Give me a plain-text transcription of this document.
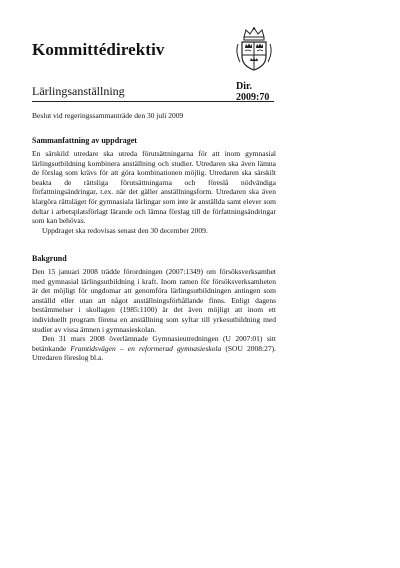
Kommittédirektiv
Dir.
2009:70
Lärlingsanställning
Beslut vid regeringssammanträde den 30 juli 2009
Sammanfattning av uppdraget

En särskild utredare ska utreda förutsättningarna för att inom gymnasial lärlingsutbildning kombinera anställning och studier. Utredaren ska även lämna de förslag som krävs för att göra kombinationen möjlig. Utredaren ska särskilt beakta de rättsliga förutsättningarna och föreslå nödvändiga författningsändringar, t.ex. när det gäller anställningsform. Utredaren ska även klargöra rättsläget för gymnasiala lärlingar som inte är anställda samt elever som deltar i arbetsplatsförlagt lärande och lämna förslag till de författningsändringar som kan behövas.

Uppdraget ska redovisas senast den 30 december 2009.

Bakgrund

Den 15 januari 2008 trädde förordningen (2007:1349) om försöksverksamhet med gymnasial lärlingsutbildning i kraft. Inom ramen för försöksverksamheten är det möjligt för ungdomar att genomföra lärlingsutbildningen antingen som anställd eller utan att något anställningsförhållande finns. Enligt dagens bestämmelser i skollagen (1985:1100) är det även möjligt att inom ett individuellt program förena en anställning som syftar till yrkesutbildning med studier av vissa ämnen i gymnasieskolan.

Den 31 mars 2008 överlämnade Gymnasieutredningen (U 2007:01) sitt betänkande Framtidsvägen – en reformerad gymnasieskola (SOU 2008:27). Utredaren föreslog bl.a.
